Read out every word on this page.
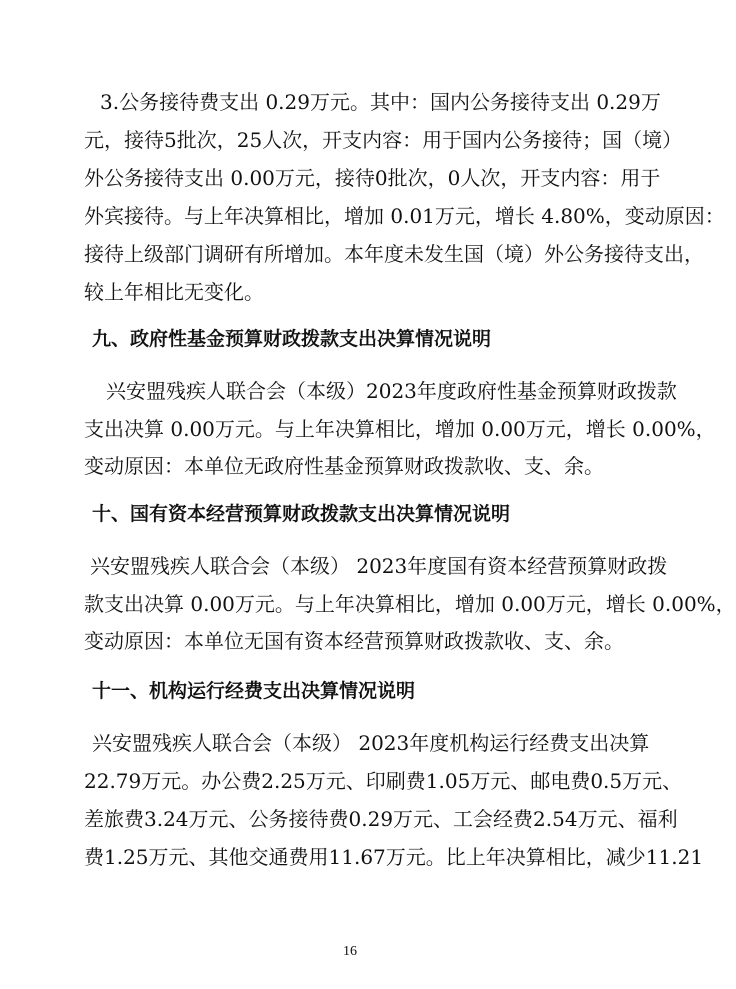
3.公务接待费支出 0.29万元。其中：国内公务接待支出 0.29万
元，接待5批次，25人次，开支内容：用于国内公务接待；国（境）
外公务接待支出 0.00万元，接待0批次，0人次，开支内容：用于
外宾接待。与上年决算相比，增加 0.01万元，增长 4.80%，变动原因：
接待上级部门调研有所增加。本年度未发生国（境）外公务接待支出，
较上年相比无变化。
九、政府性基金预算财政拨款支出决算情况说明
兴安盟残疾人联合会（本级）2023年度政府性基金预算财政拨款
支出决算 0.00万元。与上年决算相比，增加 0.00万元，增长 0.00%，
变动原因：本单位无政府性基金预算财政拨款收、支、余。
十、国有资本经营预算财政拨款支出决算情况说明
兴安盟残疾人联合会（本级） 2023年度国有资本经营预算财政拨
款支出决算 0.00万元。与上年决算相比，增加 0.00万元，增长 0.00%，
变动原因：本单位无国有资本经营预算财政拨款收、支、余。
十一、机构运行经费支出决算情况说明
兴安盟残疾人联合会（本级） 2023年度机构运行经费支出决算
22.79万元。办公费2.25万元、印刷费1.05万元、邮电费0.5万元、
差旅费3.24万元、公务接待费0.29万元、工会经费2.54万元、福利
费1.25万元、其他交通费用11.67万元。比上年决算相比，减少11.21
16
